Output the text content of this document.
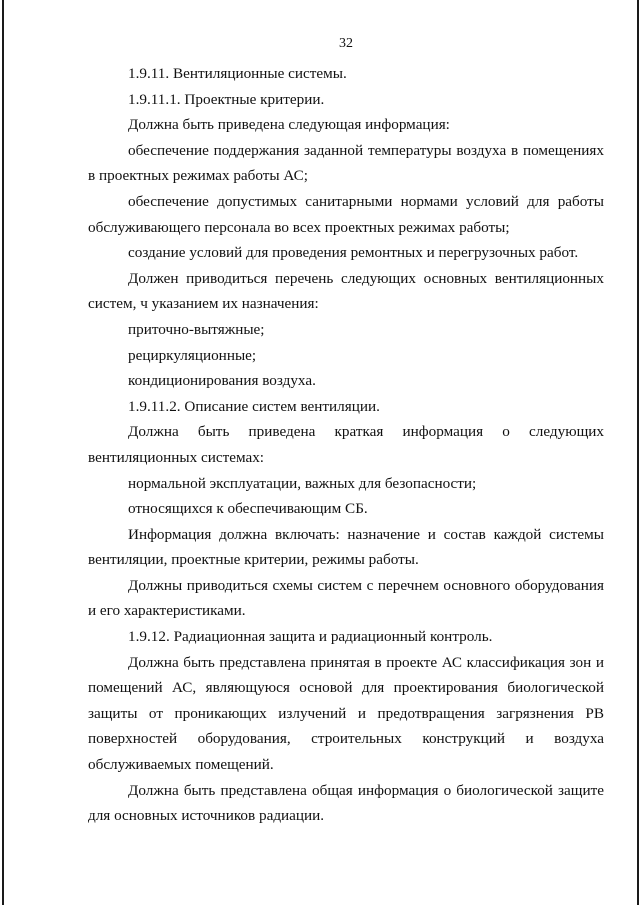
32

1.9.11. Вентиляционные системы.

1.9.11.1. Проектные критерии.

Должна быть приведена следующая информация:

обеспечение поддержания заданной температуры воздуха в помещениях в проектных режимах работы АС;

обеспечение допустимых санитарными нормами условий для работы обслуживающего персонала во всех проектных режимах работы;

создание условий для проведения ремонтных и перегрузочных работ.

Должен приводиться перечень следующих основных вентиляционных систем, ч указанием их назначения:

приточно-вытяжные;

рециркуляционные;

кондиционирования воздуха.

1.9.11.2. Описание систем вентиляции.

Должна быть приведена краткая информация о следующих вентиляционных системах:

нормальной эксплуатации, важных для безопасности;

относящихся к обеспечивающим СБ.

Информация должна включать: назначение и состав каждой системы вентиляции, проектные критерии, режимы работы.

Должны приводиться схемы систем с перечнем основного оборудования и его характеристиками.

1.9.12. Радиационная защита и радиационный контроль.

Должна быть представлена принятая в проекте АС классификация зон и помещений АС, являющуюся основой для проектирования биологической защиты от проникающих излучений и предотвращения загрязнения РВ поверхностей оборудования, строительных конструкций и воздуха обслуживаемых помещений.

Должна быть представлена общая информация о биологической защите для основных источников радиации.
